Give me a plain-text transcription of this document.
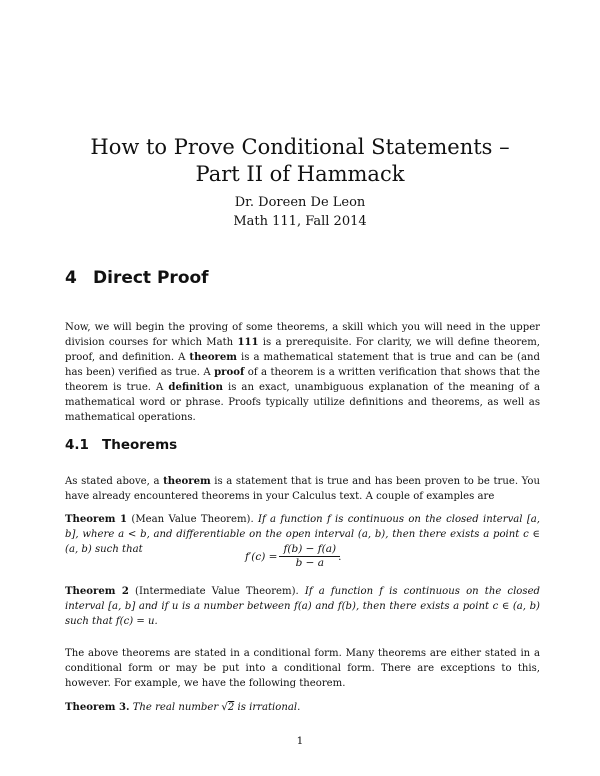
How to Prove Conditional Statements – Part II of Hammack
Dr. Doreen De Leon
Math 111, Fall 2014
4 Direct Proof

Now, we will begin the proving of some theorems, a skill which you will need in the upper division courses for which Math 111 is a prerequisite. For clarity, we will define theorem, proof, and definition. A theorem is a mathematical statement that is true and can be (and has been) verified as true. A proof of a theorem is a written verification that shows that the theorem is true. A definition is an exact, unambiguous explanation of the meaning of a mathematical word or phrase. Proofs typically utilize definitions and theorems, as well as mathematical operations.

4.1 Theorems

As stated above, a theorem is a statement that is true and has been proven to be true. You have already encountered theorems in your Calculus text. A couple of examples are

Theorem 1 (Mean Value Theorem). If a function f is continuous on the closed interval [a, b], where a < b, and differentiable on the open interval (a, b), then there exists a point c ∈ (a, b) such that

$f'(c) = \frac{f(b) - f(a)}{b - a}$ .

Theorem 2 (Intermediate Value Theorem). If a function f is continuous on the closed interval [a, b] and if u is a number between f(a) and f(b), then there exists a point c ∈ (a, b) such that f(c) = u.

The above theorems are stated in a conditional form. Many theorems are either stated in a conditional form or may be put into a conditional form. There are exceptions to this, however. For example, we have the following theorem.

Theorem 3. The real number √2 is irrational.

1
